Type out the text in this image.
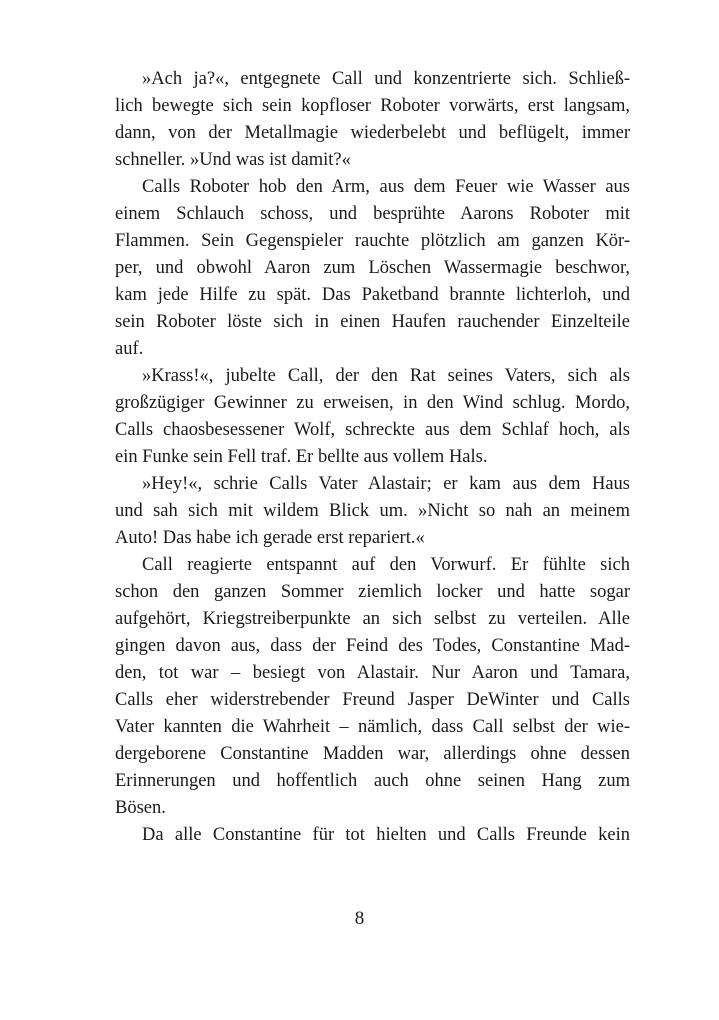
»Ach ja?«, entgegnete Call und konzentrierte sich. Schließ-
lich bewegte sich sein kopfloser Roboter vorwärts, erst langsam,
dann, von der Metallmagie wiederbelebt und beflügelt, immer
schneller. »Und was ist damit?«
Calls Roboter hob den Arm, aus dem Feuer wie Wasser aus
einem Schlauch schoss, und besprühte Aarons Roboter mit
Flammen. Sein Gegenspieler rauchte plötzlich am ganzen Kör-
per, und obwohl Aaron zum Löschen Wassermagie beschwor,
kam jede Hilfe zu spät. Das Paketband brannte lichterloh, und
sein Roboter löste sich in einen Haufen rauchender Einzelteile
auf.
»Krass!«, jubelte Call, der den Rat seines Vaters, sich als
großzügiger Gewinner zu erweisen, in den Wind schlug. Mordo,
Calls chaosbesessener Wolf, schreckte aus dem Schlaf hoch, als
ein Funke sein Fell traf. Er bellte aus vollem Hals.
»Hey!«, schrie Calls Vater Alastair; er kam aus dem Haus
und sah sich mit wildem Blick um. »Nicht so nah an meinem
Auto! Das habe ich gerade erst repariert.«
Call reagierte entspannt auf den Vorwurf. Er fühlte sich
schon den ganzen Sommer ziemlich locker und hatte sogar
aufgehört, Kriegstreiberpunkte an sich selbst zu verteilen. Alle
gingen davon aus, dass der Feind des Todes, Constantine Mad-
den, tot war – besiegt von Alastair. Nur Aaron und Tamara,
Calls eher widerstrebender Freund Jasper DeWinter und Calls
Vater kannten die Wahrheit – nämlich, dass Call selbst der wie-
dergeborene Constantine Madden war, allerdings ohne dessen
Erinnerungen und hoffentlich auch ohne seinen Hang zum
Bösen.
Da alle Constantine für tot hielten und Calls Freunde kein
8
